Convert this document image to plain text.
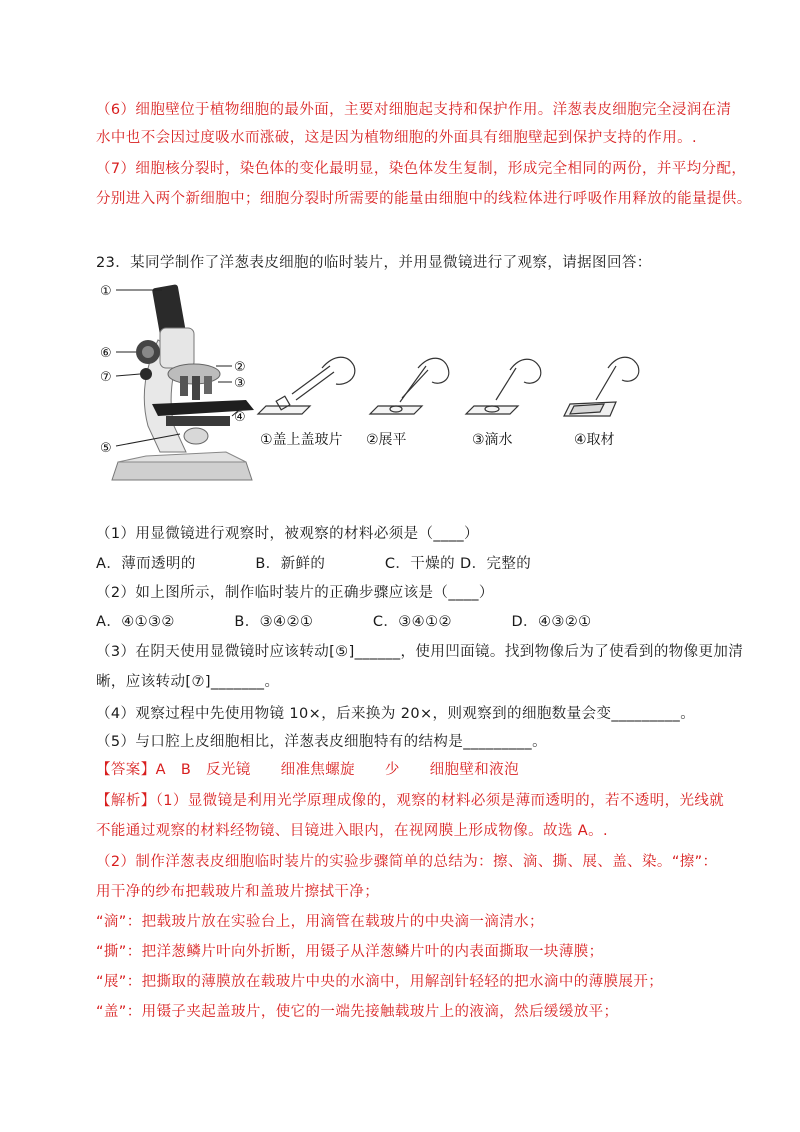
（6）细胞壁位于植物细胞的最外面，主要对细胞起支持和保护作用。洋葱表皮细胞完全浸润在清
水中也不会因过度吸水而涨破，这是因为植物细胞的外面具有细胞壁起到保护支持的作用。.
（7）细胞核分裂时，染色体的变化最明显，染色体发生复制，形成完全相同的两份，并平均分配，
分别进入两个新细胞中；细胞分裂时所需要的能量由细胞中的线粒体进行呼吸作用释放的能量提供。
23．某同学制作了洋葱表皮细胞的临时装片，并用显微镜进行了观察，请据图回答：
①
②
③
④
⑤
⑥
⑦
①盖上盖玻片 ②展平	③滴水	④取材
（1）用显微镜进行观察时，被观察的材料必须是（____）
A．薄而透明的　　　　B．新鲜的　　　　C．干燥的 D．完整的
（2）如上图所示，制作临时装片的正确步骤应该是（____）
A．④①③②　　　　B．③④②①　　　　C．③④①②　　　　D．④③②①
（3）在阴天使用显微镜时应该转动[⑤]______，使用凹面镜。找到物像后为了使看到的物像更加清
晰，应该转动[⑦]_______。
（4）观察过程中先使用物镜 10×，后来换为 20×，则观察到的细胞数量会变_________。
（5）与口腔上皮细胞相比，洋葱表皮细胞特有的结构是_________。
【答案】A　B　反光镜　　细准焦螺旋　　少　　细胞壁和液泡
【解析】（1）显微镜是利用光学原理成像的，观察的材料必须是薄而透明的，若不透明，光线就
不能通过观察的材料经物镜、目镜进入眼内，在视网膜上形成物像。故选 A。.
（2）制作洋葱表皮细胞临时装片的实验步骤简单的总结为：擦、滴、撕、展、盖、染。“擦”：
用干净的纱布把载玻片和盖玻片擦拭干净；
“滴”：把载玻片放在实验台上，用滴管在载玻片的中央滴一滴清水；
“撕”：把洋葱鳞片叶向外折断，用镊子从洋葱鳞片叶的内表面撕取一块薄膜；
“展”：把撕取的薄膜放在载玻片中央的水滴中，用解剖针轻轻的把水滴中的薄膜展开；
“盖”：用镊子夹起盖玻片，使它的一端先接触载玻片上的液滴，然后缓缓放平；
